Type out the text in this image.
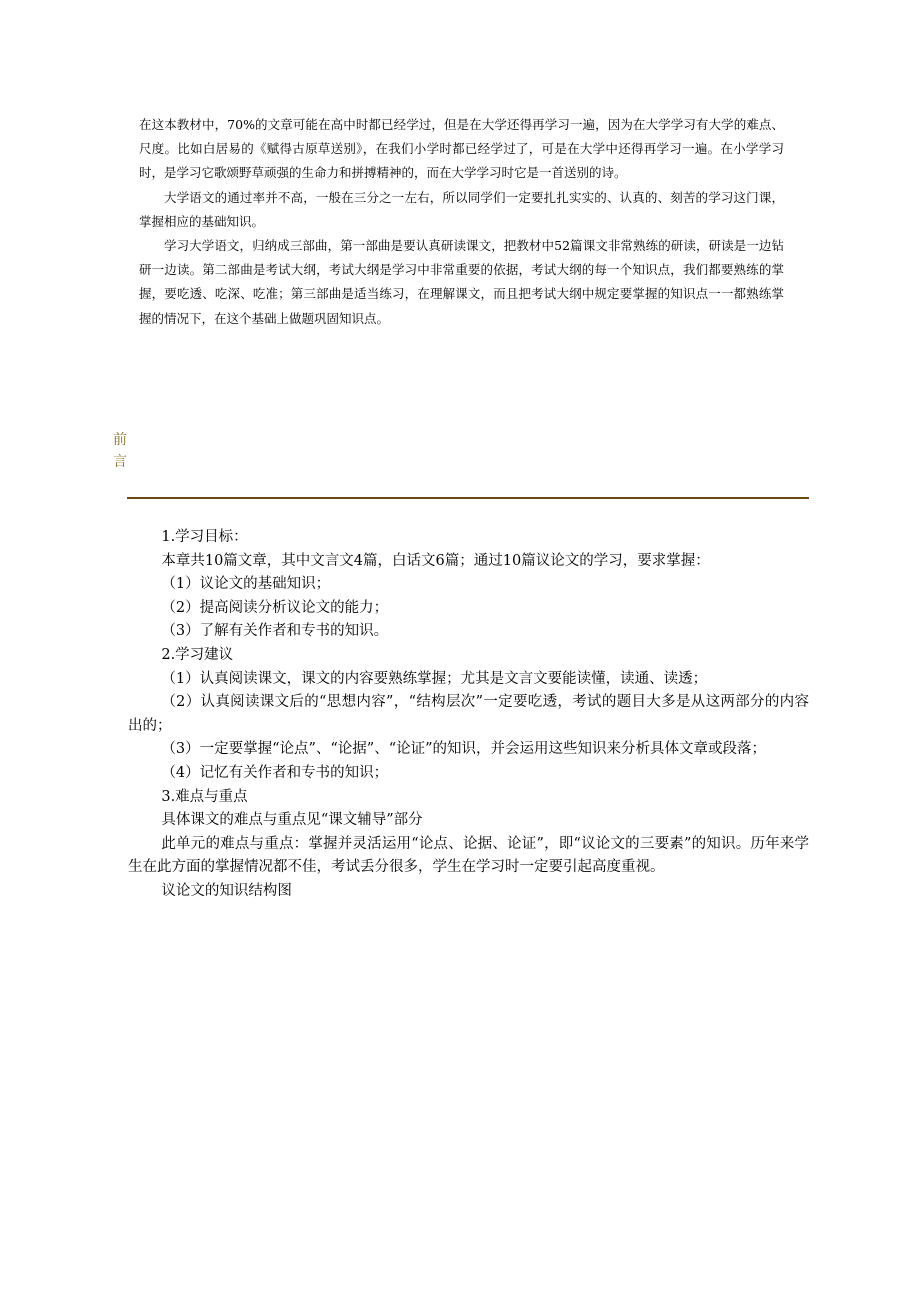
在这本教材中，70%的文章可能在高中时都已经学过，但是在大学还得再学习一遍，因为在大学学习有大学的难点、尺度。比如白居易的《赋得古原草送别》，在我们小学时都已经学过了，可是在大学中还得再学习一遍。在小学学习时，是学习它歌颂野草顽强的生命力和拼搏精神的，而在大学学习时它是一首送别的诗。

大学语文的通过率并不高，一般在三分之一左右，所以同学们一定要扎扎实实的、认真的、刻苦的学习这门课，掌握相应的基础知识。

学习大学语文，归纳成三部曲，第一部曲是要认真研读课文，把教材中52篇课文非常熟练的研读，研读是一边钻研一边读。第二部曲是考试大纲，考试大纲是学习中非常重要的依据，考试大纲的每一个知识点，我们都要熟练的掌握，要吃透、吃深、吃准；第三部曲是适当练习，在理解课文，而且把考试大纲中规定要掌握的知识点一一都熟练掌握的情况下，在这个基础上做题巩固知识点。

前
言

1.学习目标：

本章共10篇文章，其中文言文4篇，白话文6篇；通过10篇议论文的学习，要求掌握：

（1）议论文的基础知识；

（2）提高阅读分析议论文的能力；

（3）了解有关作者和专书的知识。

2.学习建议

（1）认真阅读课文，课文的内容要熟练掌握；尤其是文言文要能读懂，读通、读透；

（2）认真阅读课文后的“思想内容”，“结构层次”一定要吃透，考试的题目大多是从这两部分的内容出的；

（3）一定要掌握“论点”、“论据”、“论证”的知识，并会运用这些知识来分析具体文章或段落；

（4）记忆有关作者和专书的知识；

3.难点与重点

具体课文的难点与重点见“课文辅导”部分

此单元的难点与重点：掌握并灵活运用“论点、论据、论证”，即“议论文的三要素”的知识。历年来学生在此方面的掌握情况都不佳，考试丢分很多，学生在学习时一定要引起高度重视。

议论文的知识结构图
